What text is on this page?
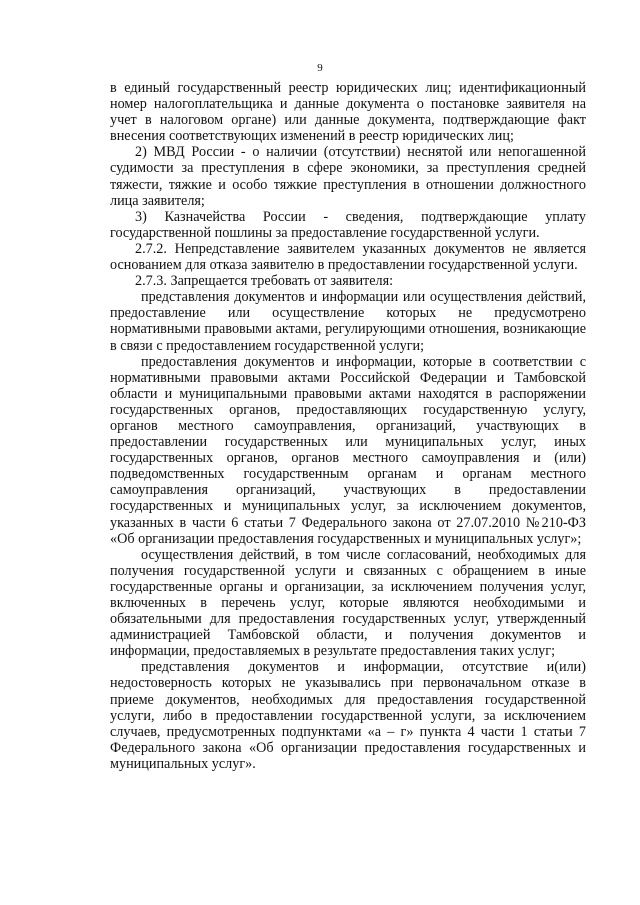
9

в единый государственный реестр юридических лиц; идентификационный номер налогоплательщика и данные документа о постановке заявителя на учет в налоговом органе) или данные документа, подтверждающие факт внесения соответствующих изменений в реестр юридических лиц;

2) МВД России - о наличии (отсутствии) неснятой или непогашенной судимости за преступления в сфере экономики, за преступления средней тяжести, тяжкие и особо тяжкие преступления в отношении должностного лица заявителя;

3) Казначейства России - сведения, подтверждающие уплату государственной пошлины за предоставление государственной услуги.

2.7.2. Непредставление заявителем указанных документов не является основанием для отказа заявителю в предоставлении государственной услуги.

2.7.3. Запрещается требовать от заявителя:

представления документов и информации или осуществления действий, предоставление или осуществление которых не предусмотрено нормативными правовыми актами, регулирующими отношения, возникающие в связи с предоставлением государственной услуги;

предоставления документов и информации, которые в соответствии с нормативными правовыми актами Российской Федерации и Тамбовской области и муниципальными правовыми актами находятся в распоряжении государственных органов, предоставляющих государственную услугу, органов местного самоуправления, организаций, участвующих в предоставлении государственных или муниципальных услуг, иных государственных органов, органов местного самоуправления и (или) подведомственных государственным органам и органам местного самоуправления организаций, участвующих в предоставлении государственных и муниципальных услуг, за исключением документов, указанных в части 6 статьи 7 Федерального закона от 27.07.2010 №210-ФЗ «Об организации предоставления государственных и муниципальных услуг»;

осуществления действий, в том числе согласований, необходимых для получения государственной услуги и связанных с обращением в иные государственные органы и организации, за исключением получения услуг, включенных в перечень услуг, которые являются необходимыми и обязательными для предоставления государственных услуг, утвержденный администрацией Тамбовской области, и получения документов и информации, предоставляемых в результате предоставления таких услуг;

представления документов и информации, отсутствие и(или) недостоверность которых не указывались при первоначальном отказе в приеме документов, необходимых для предоставления государственной услуги, либо в предоставлении государственной услуги, за исключением случаев, предусмотренных подпунктами «а – г» пункта 4 части 1 статьи 7 Федерального закона «Об организации предоставления государственных и муниципальных услуг».
